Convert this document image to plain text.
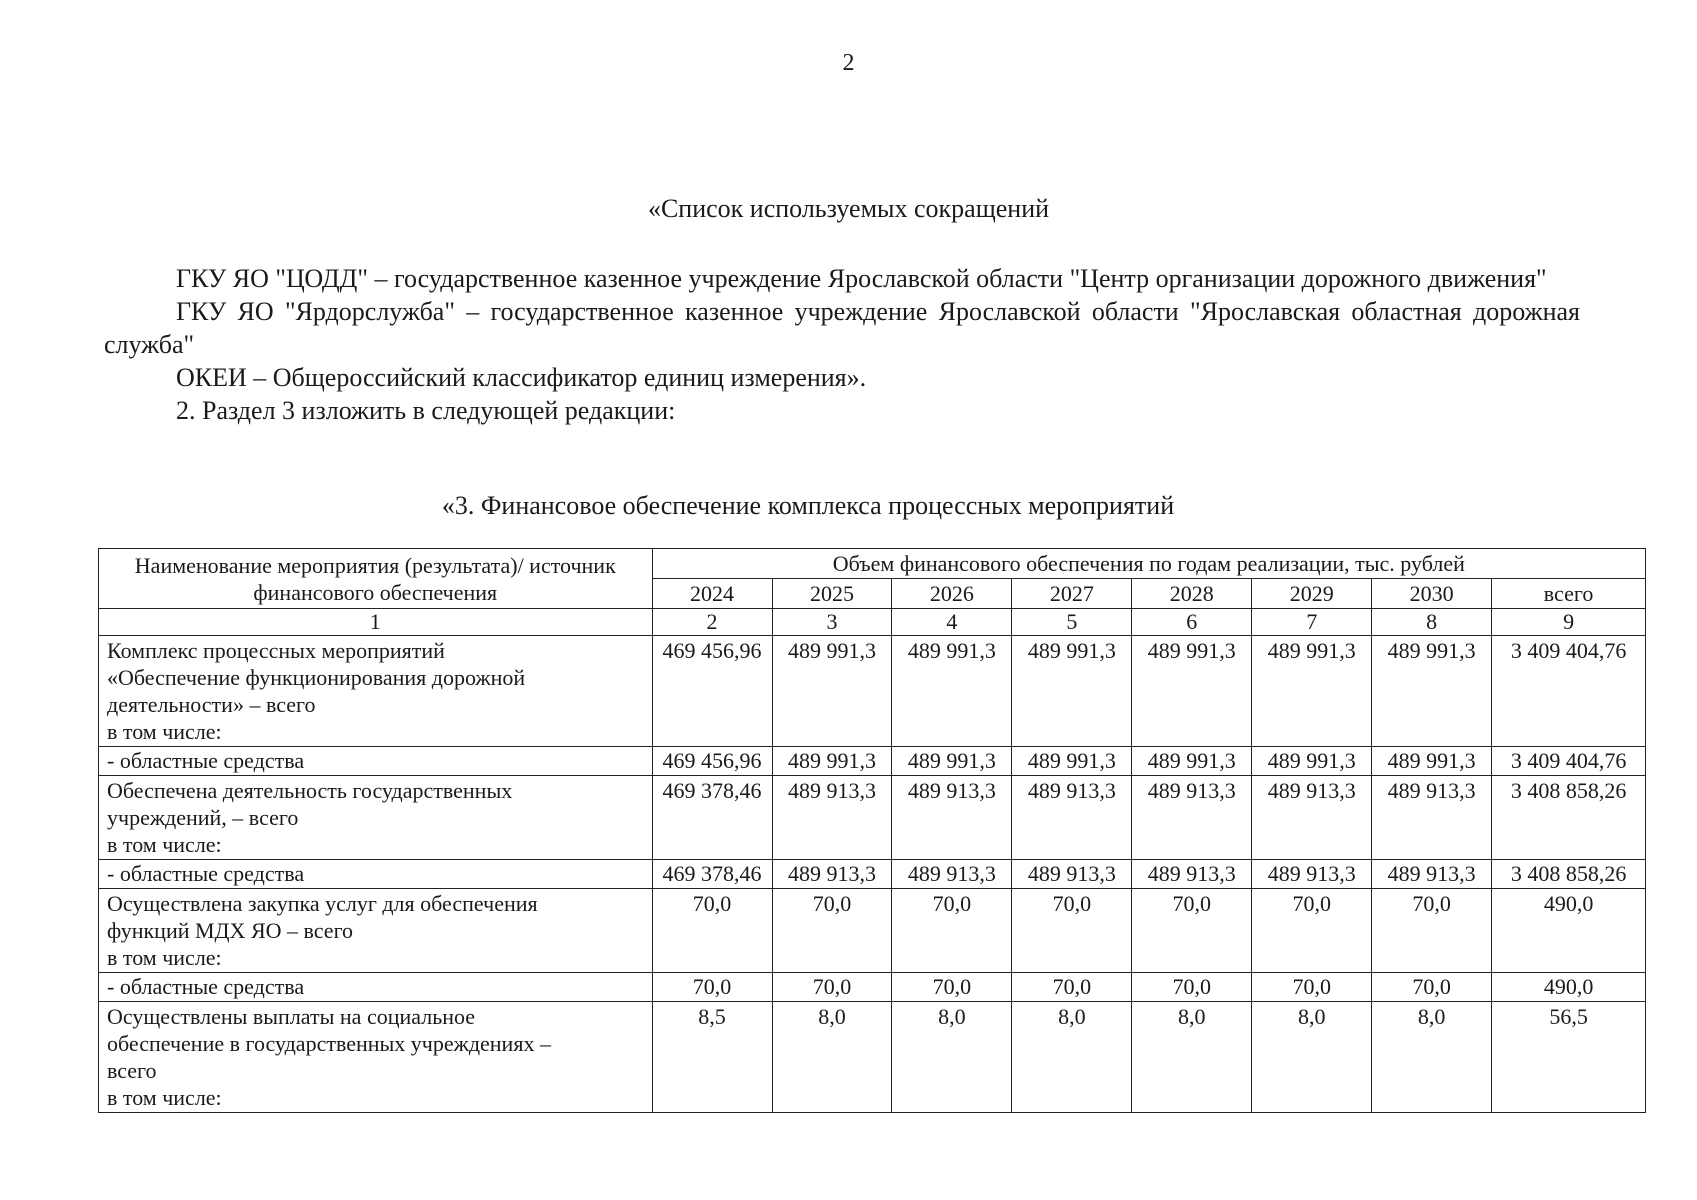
2
«Список используемых сокращений

ГКУ ЯО "ЦОДД" – государственное казенное учреждение Ярославской области "Центр организации дорожного движения"

ГКУ ЯО "Ярдорслужба" – государственное казенное учреждение Ярославской области "Ярославская областная дорожная служба"

ОКЕИ – Общероссийский классификатор единиц измерения».

2. Раздел 3 изложить в следующей редакции:

«3. Финансовое обеспечение комплекса процессных мероприятий
Наименование мероприятия (результата)/ источник финансового обеспечения	Объем финансового обеспечения по годам реализации, тыс. рублей							
	2024	2025	2026	2027	2028	2029	2030	всего
1	2	3	4	5	6	7	8	9

Комплекс процессных мероприятий
«Обеспечение функционирования дорожной
деятельности» – всего
в том числе:	469 456,96	489 991,3	489 991,3	489 991,3	489 991,3	489 991,3	489 991,3	3 409 404,76

- областные средства	469 456,96	489 991,3	489 991,3	489 991,3	489 991,3	489 991,3	489 991,3	3 409 404,76

Обеспечена деятельность государственных
учреждений, – всего
в том числе:	469 378,46	489 913,3	489 913,3	489 913,3	489 913,3	489 913,3	489 913,3	3 408 858,26

- областные средства	469 378,46	489 913,3	489 913,3	489 913,3	489 913,3	489 913,3	489 913,3	3 408 858,26

Осуществлена закупка услуг для обеспечения
функций МДХ ЯО – всего
в том числе:	70,0	70,0	70,0	70,0	70,0	70,0	70,0	490,0

- областные средства	70,0	70,0	70,0	70,0	70,0	70,0	70,0	490,0

Осуществлены выплаты на социальное
обеспечение в государственных учреждениях –
всего
в том числе:	8,5	8,0	8,0	8,0	8,0	8,0	8,0	56,5
